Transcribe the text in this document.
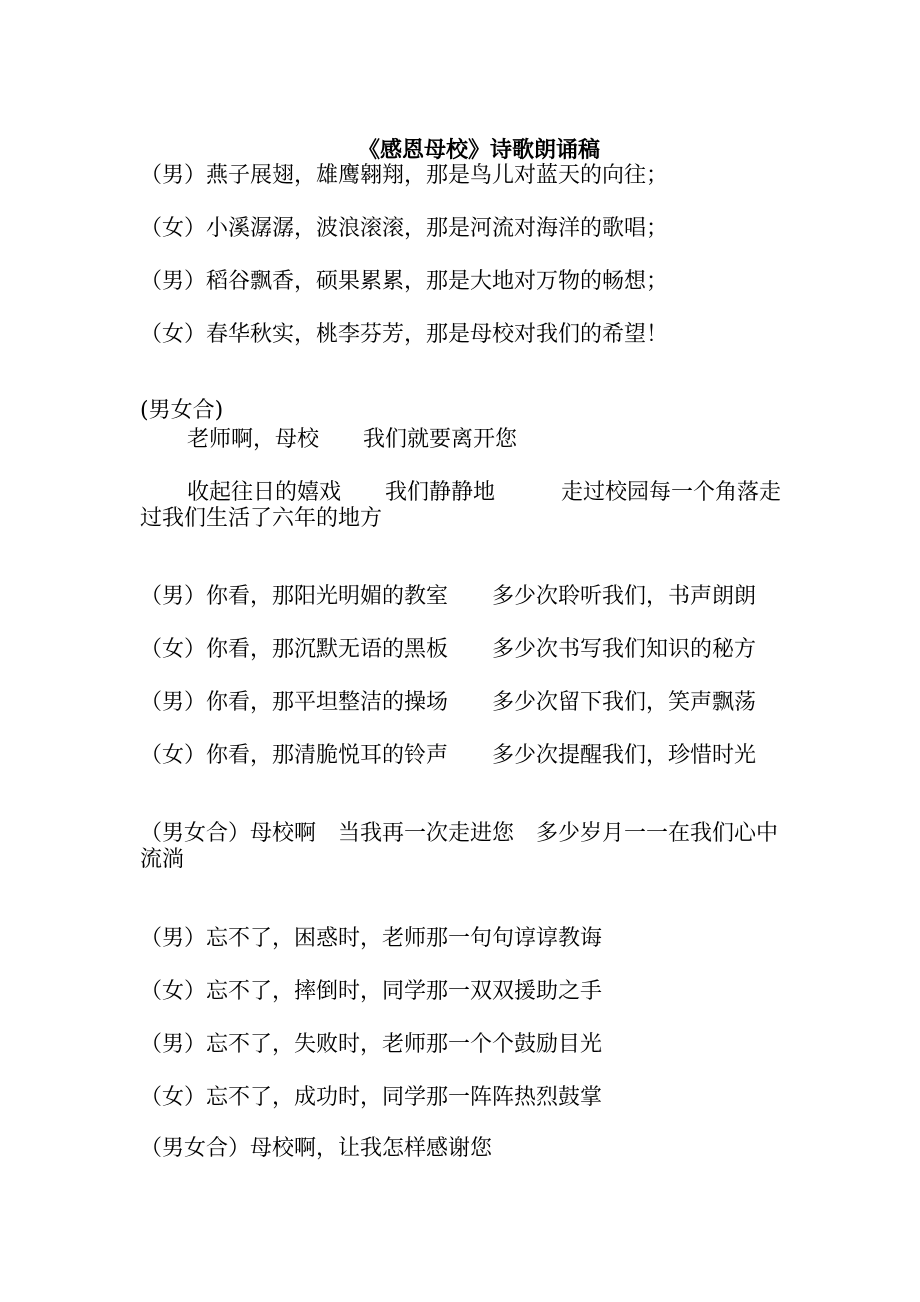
《感恩母校》诗歌朗诵稿
（男）燕子展翅，雄鹰翱翔，那是鸟儿对蓝天的向往；
（女）小溪潺潺，波浪滚滚，那是河流对海洋的歌唱；
（男）稻谷飘香，硕果累累，那是大地对万物的畅想；
（女）春华秋实，桃李芬芳，那是母校对我们的希望！
(男女合)
老师啊，母校　　我们就要离开您
收起往日的嬉戏　　我们静静地　　　走过校园每一个角落走过我们生活了六年的地方
（男）你看，那阳光明媚的教室　　多少次聆听我们，书声朗朗
（女）你看，那沉默无语的黑板　　多少次书写我们知识的秘方
（男）你看，那平坦整洁的操场　　多少次留下我们，笑声飘荡
（女）你看，那清脆悦耳的铃声　　多少次提醒我们，珍惜时光
（男女合）母校啊　当我再一次走进您　多少岁月一一在我们心中流淌
（男）忘不了，困惑时，老师那一句句谆谆教诲
（女）忘不了，摔倒时，同学那一双双援助之手
（男）忘不了，失败时，老师那一个个鼓励目光
（女）忘不了，成功时，同学那一阵阵热烈鼓掌
（男女合）母校啊，让我怎样感谢您
